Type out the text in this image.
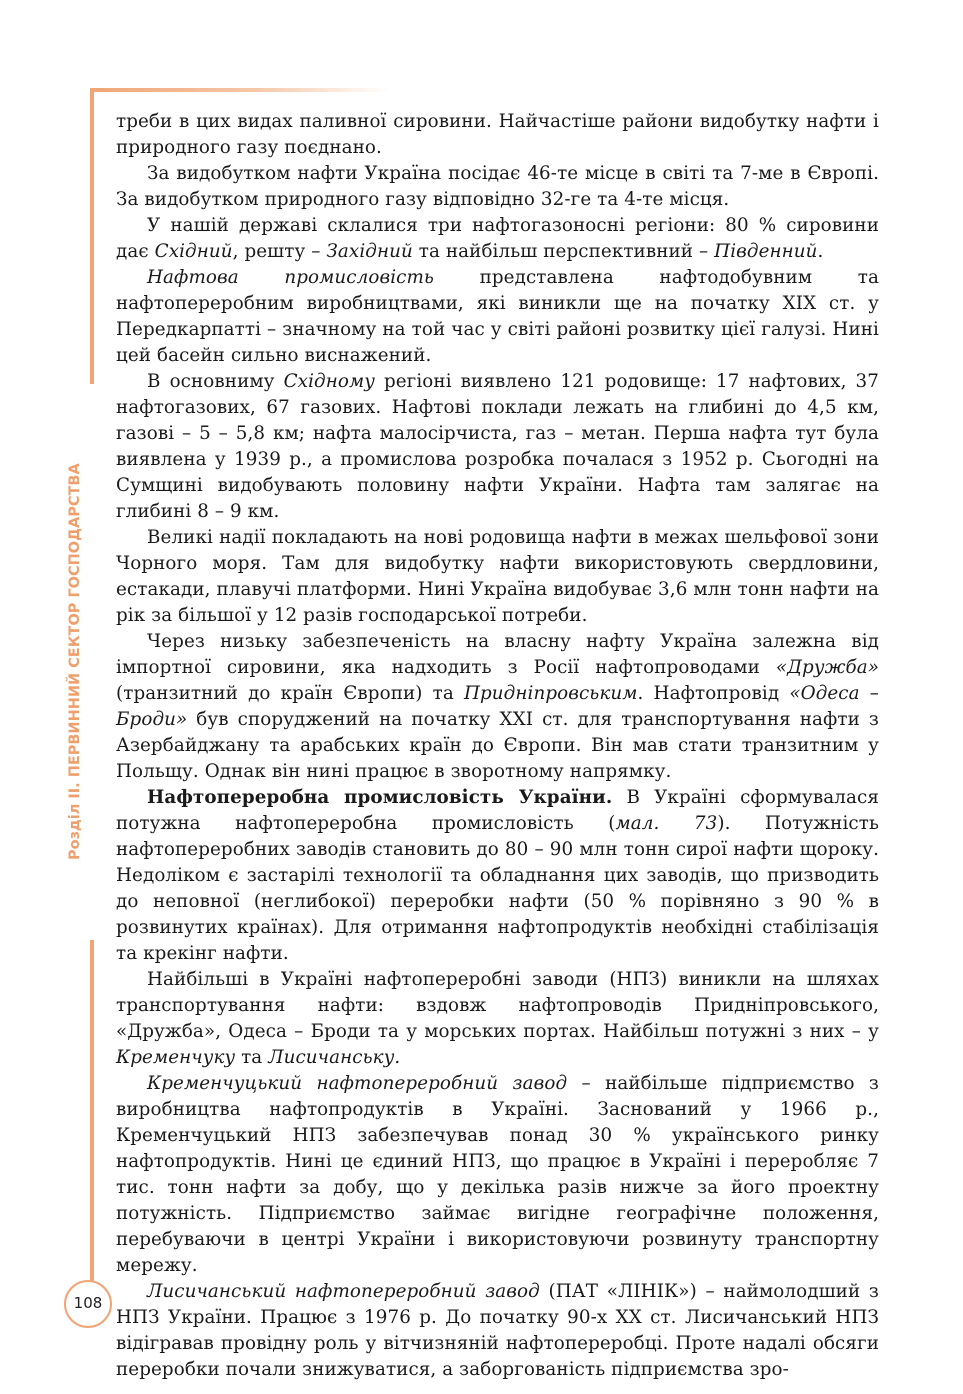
Розділ ІІ. ПЕРВИННИЙ СЕКТОР ГОСПОДАРСТВА
108

треби в цих видах паливної сировини. Найчастіше райони видобутку нафти і природного газу поєднано.

За видобутком нафти Україна посідає 46-те місце в світі та 7-ме в Європі. За видобутком природного газу відповідно 32-ге та 4-те місця.

У нашій державі склалися три нафтогазоносні регіони: 80 % сировини дає Східний, решту – Західний та найбільш перспективний – Південний.

Нафтова промисловість представлена нафтодобувним та нафтопереробним виробництвами, які виникли ще на початку XIX ст. у Передкарпатті – значному на той час у світі районі розвитку цієї галузі. Нині цей басейн сильно виснажений.

В основниму Східному регіоні виявлено 121 родовище: 17 нафтових, 37 нафтогазових, 67 газових. Нафтові поклади лежать на глибині до 4,5 км, газові – 5 – 5,8 км; нафта малосірчиста, газ – метан. Перша нафта тут була виявлена у 1939 р., а промислова розробка почалася з 1952 р. Сьогодні на Сумщині видобувають половину нафти України. Нафта там залягає на глибині 8 – 9 км.

Великі надії покладають на нові родовища нафти в межах шельфової зони Чорного моря. Там для видобутку нафти використовують свердловини, естакади, плавучі платформи. Нині Україна видобуває 3,6 млн тонн нафти на рік за більшої у 12 разів господарської потреби.

Через низьку забезпеченість на власну нафту Україна залежна від імпортної сировини, яка надходить з Росії нафтопроводами «Дружба» (транзитний до країн Європи) та Придніпровським. Нафтопровід «Одеса – Броди» був споруджений на початку XXI ст. для транспортування нафти з Азербайджану та арабських країн до Європи. Він мав стати транзитним у Польщу. Однак він нині працює в зворотному напрямку.

Нафтопереробна промисловість України. В Україні сформувалася потужна нафтопереробна промисловість (мал. 73). Потужність нафтопереробних заводів становить до 80 – 90 млн тонн сирої нафти щороку. Недоліком є застарілі технології та обладнання цих заводів, що призводить до неповної (неглибокої) переробки нафти (50 % порівняно з 90 % в розвинутих країнах). Для отримання нафтопродуктів необхідні стабілізація та крекінг нафти.

Найбільші в Україні нафтопереробні заводи (НПЗ) виникли на шляхах транспортування нафти: вздовж нафтопроводів Придніпровського, «Дружба», Одеса – Броди та у морських портах. Найбільш потужні з них – у Кременчуку та Лисичанську.

Кременчуцький нафтопереробний завод – найбільше підприємство з виробництва нафтопродуктів в Україні. Заснований у 1966 р., Кременчуцький НПЗ забезпечував понад 30 % українського ринку нафтопродуктів. Нині це єдиний НПЗ, що працює в Україні і переробляє 7 тис. тонн нафти за добу, що у декілька разів нижче за його проектну потужність. Підприємство займає вигідне географічне положення, перебуваючи в центрі України і використовуючи розвинуту транспортну мережу.

Лисичанський нафтопереробний завод (ПАТ «ЛІНІК») – наймолодший з НПЗ України. Працює з 1976 р. До початку 90-х XX ст. Лисичанський НПЗ відігравав провідну роль у вітчизняній нафтопереробці. Проте надалі обсяги переробки почали знижуватися, а заборгованість підприємства зро-
